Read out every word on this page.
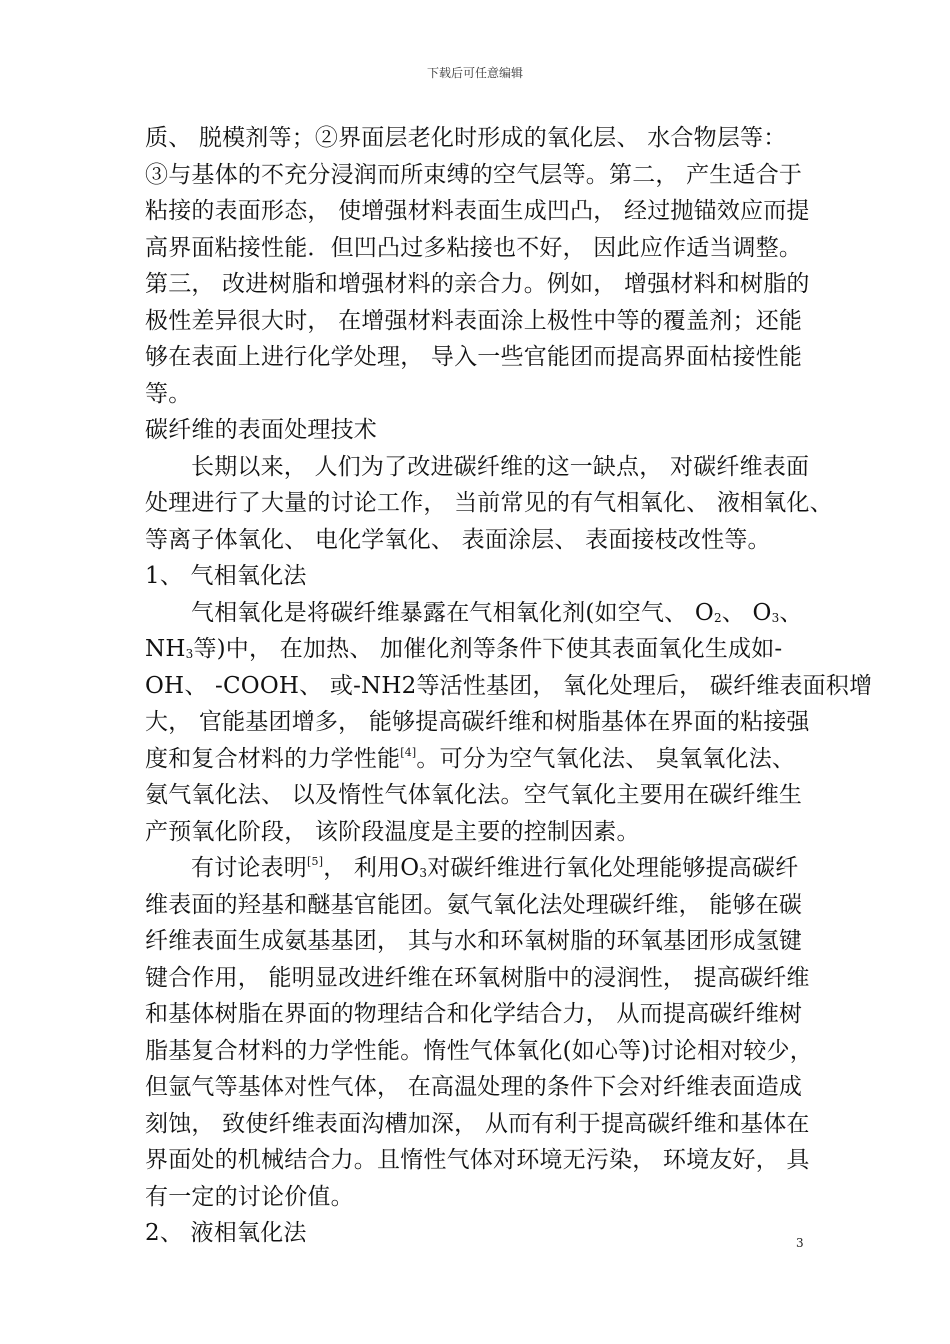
下载后可任意编辑
质、 脱模剂等；②界面层老化时形成的氧化层、 水合物层等：
③与基体的不充分浸润而所束缚的空气层等。第二， 产生适合于
粘接的表面形态， 使增强材料表面生成凹凸， 经过抛锚效应而提
高界面粘接性能．但凹凸过多粘接也不好， 因此应作适当调整。
第三， 改进树脂和增强材料的亲合力。例如， 增强材料和树脂的
极性差异很大时， 在增强材料表面涂上极性中等的覆盖剂；还能
够在表面上进行化学处理， 导入一些官能团而提高界面枯接性能
等。
碳纤维的表面处理技术
长期以来， 人们为了改进碳纤维的这一缺点， 对碳纤维表面
处理进行了大量的讨论工作， 当前常见的有气相氧化、 液相氧化、
等离子体氧化、 电化学氧化、 表面涂层、 表面接枝改性等。
1、 气相氧化法
气相氧化是将碳纤维暴露在气相氧化剂(如空气、 $O_2$、 $O_3$、
$NH_3$等)中， 在加热、 加催化剂等条件下使其表面氧化生成如-
OH、 -COOH、 或-NH2等活性基团， 氧化处理后， 碳纤维表面积增
大， 官能基团增多， 能够提高碳纤维和树脂基体在界面的粘接强
度和复合材料的力学性能[4]。可分为空气氧化法、 臭氧氧化法、
氨气氧化法、 以及惰性气体氧化法。空气氧化主要用在碳纤维生
产预氧化阶段， 该阶段温度是主要的控制因素。
有讨论表明[5]， 利用$O_3$对碳纤维进行氧化处理能够提高碳纤
维表面的羟基和醚基官能团。氨气氧化法处理碳纤维， 能够在碳
纤维表面生成氨基基团， 其与水和环氧树脂的环氧基团形成氢键
键合作用， 能明显改进纤维在环氧树脂中的浸润性， 提高碳纤维
和基体树脂在界面的物理结合和化学结合力， 从而提高碳纤维树
脂基复合材料的力学性能。惰性气体氧化(如心等)讨论相对较少，
但氩气等基体对性气体， 在高温处理的条件下会对纤维表面造成
刻蚀， 致使纤维表面沟槽加深， 从而有利于提高碳纤维和基体在
界面处的机械结合力。且惰性气体对环境无污染， 环境友好， 具
有一定的讨论价值。
2、 液相氧化法	3
